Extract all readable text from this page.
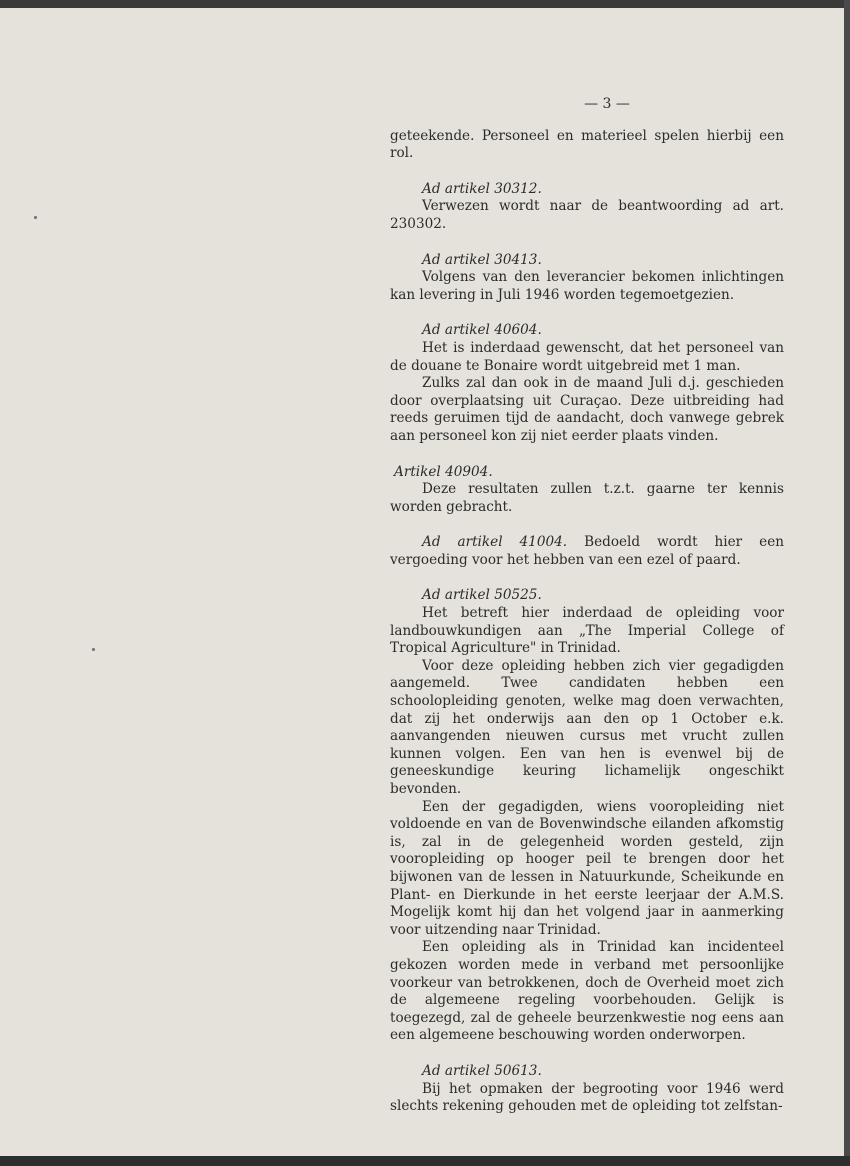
— 3 —

geteekende. Personeel en materieel spelen hierbij een rol.

Ad artikel 30312.

Verwezen wordt naar de beantwoording ad art. 230302.

Ad artikel 30413.

Volgens van den leverancier bekomen inlichtingen kan levering in Juli 1946 worden tegemoetgezien.

Ad artikel 40604.

Het is inderdaad gewenscht, dat het personeel van de douane te Bonaire wordt uitgebreid met 1 man.

Zulks zal dan ook in de maand Juli d.j. geschieden door overplaatsing uit Curaçao. Deze uitbreiding had reeds geruimen tijd de aandacht, doch vanwege gebrek aan personeel kon zij niet eerder plaats vinden.

Artikel 40904.

Deze resultaten zullen t.z.t. gaarne ter kennis worden gebracht.

Ad artikel 41004. Bedoeld wordt hier een vergoeding voor het hebben van een ezel of paard.

Ad artikel 50525.

Het betreft hier inderdaad de opleiding voor landbouwkundigen aan „The Imperial College of Tropical Agriculture" in Trinidad.

Voor deze opleiding hebben zich vier gegadigden aangemeld. Twee candidaten hebben een schoolopleiding genoten, welke mag doen verwachten, dat zij het onderwijs aan den op 1 October e.k. aanvangenden nieuwen cursus met vrucht zullen kunnen volgen. Een van hen is evenwel bij de geneeskundige keuring lichamelijk ongeschikt bevonden.

Een der gegadigden, wiens vooropleiding niet voldoende en van de Bovenwindsche eilanden afkomstig is, zal in de gelegenheid worden gesteld, zijn vooropleiding op hooger peil te brengen door het bijwonen van de lessen in Natuurkunde, Scheikunde en Plant- en Dierkunde in het eerste leerjaar der A.M.S. Mogelijk komt hij dan het volgend jaar in aanmerking voor uitzending naar Trinidad.

Een opleiding als in Trinidad kan incidenteel gekozen worden mede in verband met persoonlijke voorkeur van betrokkenen, doch de Overheid moet zich de algemeene regeling voorbehouden. Gelijk is toegezegd, zal de geheele beurzenkwestie nog eens aan een algemeene beschouwing worden onderworpen.

Ad artikel 50613.

Bij het opmaken der begrooting voor 1946 werd slechts rekening gehouden met de opleiding tot zelfstan-
